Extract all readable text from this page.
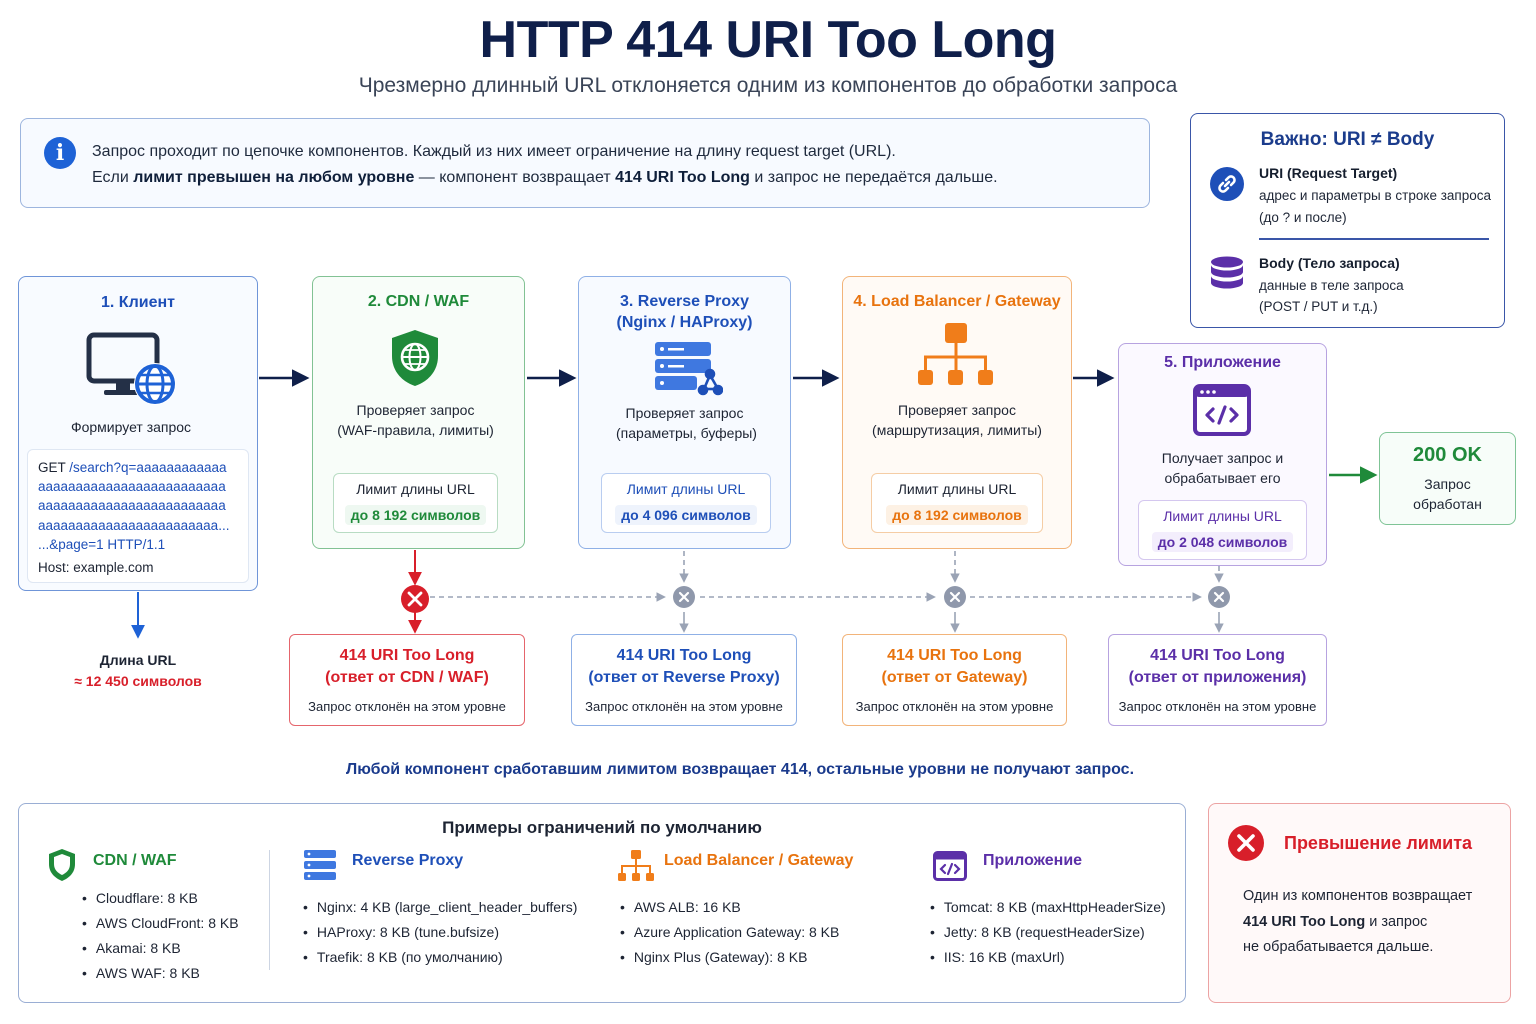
HTTP 414 URI Too Long
Чрезмерно длинный URL отклоняется одним из компонентов до обработки запроса
i	Запрос проходит по цепочке компонентов. Каждый из них имеет ограничение на длину request target (URL).
Если лимит превышен на любом уровне — компонент возвращает 414 URI Too Long и запрос не передаётся дальше.
Важно: URI ≠ Body
URI (Request Target)
адрес и параметры в строке запроса
(до ? и после)
Body (Тело запроса)
данные в теле запроса
(POST / PUT и т.д.)
1. Клиент
Формирует запрос
GET /search?q=aaaaaaaaaaaa
aaaaaaaaaaaaaaaaaaaaaaaaa
aaaaaaaaaaaaaaaaaaaaaaaaa
aaaaaaaaaaaaaaaaaaaaaaaa...
...&page=1 HTTP/1.1
Host: example.com
Длина URL
≈ 12 450 символов
2. CDN / WAF
Проверяет запрос
(WAF-правила, лимиты)
Лимит длины URL
до 8 192 символов
3. Reverse Proxy
(Nginx / HAProxy)
Проверяет запрос
(параметры, буферы)
Лимит длины URL
до 4 096 символов
4. Load Balancer / Gateway
Проверяет запрос
(маршрутизация, лимиты)
Лимит длины URL
до 8 192 символов
5. Приложение
Получает запрос и
обрабатывает его
Лимит длины URL
до 2 048 символов
200 OK
Запрос
обработан
414 URI Too Long
(ответ от CDN / WAF)
Запрос отклонён на этом уровне
414 URI Too Long
(ответ от Reverse Proxy)
Запрос отклонён на этом уровне
414 URI Too Long
(ответ от Gateway)
Запрос отклонён на этом уровне
414 URI Too Long
(ответ от приложения)
Запрос отклонён на этом уровне
Любой компонент сработавшим лимитом возвращает 414, остальные уровни не получают запрос.
Примеры ограничений по умолчанию
CDN / WAF
• Cloudflare: 8 KB
• AWS CloudFront: 8 KB
• Akamai: 8 KB
• AWS WAF: 8 KB
Reverse Proxy
• Nginx: 4 KB (large_client_header_buffers)
• HAProxy: 8 KB (tune.bufsize)
• Traefik: 8 KB (по умолчанию)
Load Balancer / Gateway
• AWS ALB: 16 KB
• Azure Application Gateway: 8 KB
• Nginx Plus (Gateway): 8 KB
Приложение
• Tomcat: 8 KB (maxHttpHeaderSize)
• Jetty: 8 KB (requestHeaderSize)
• IIS: 16 KB (maxUrl)
Превышение лимита
Один из компонентов возвращает
414 URI Too Long и запрос
не обрабатывается дальше.
